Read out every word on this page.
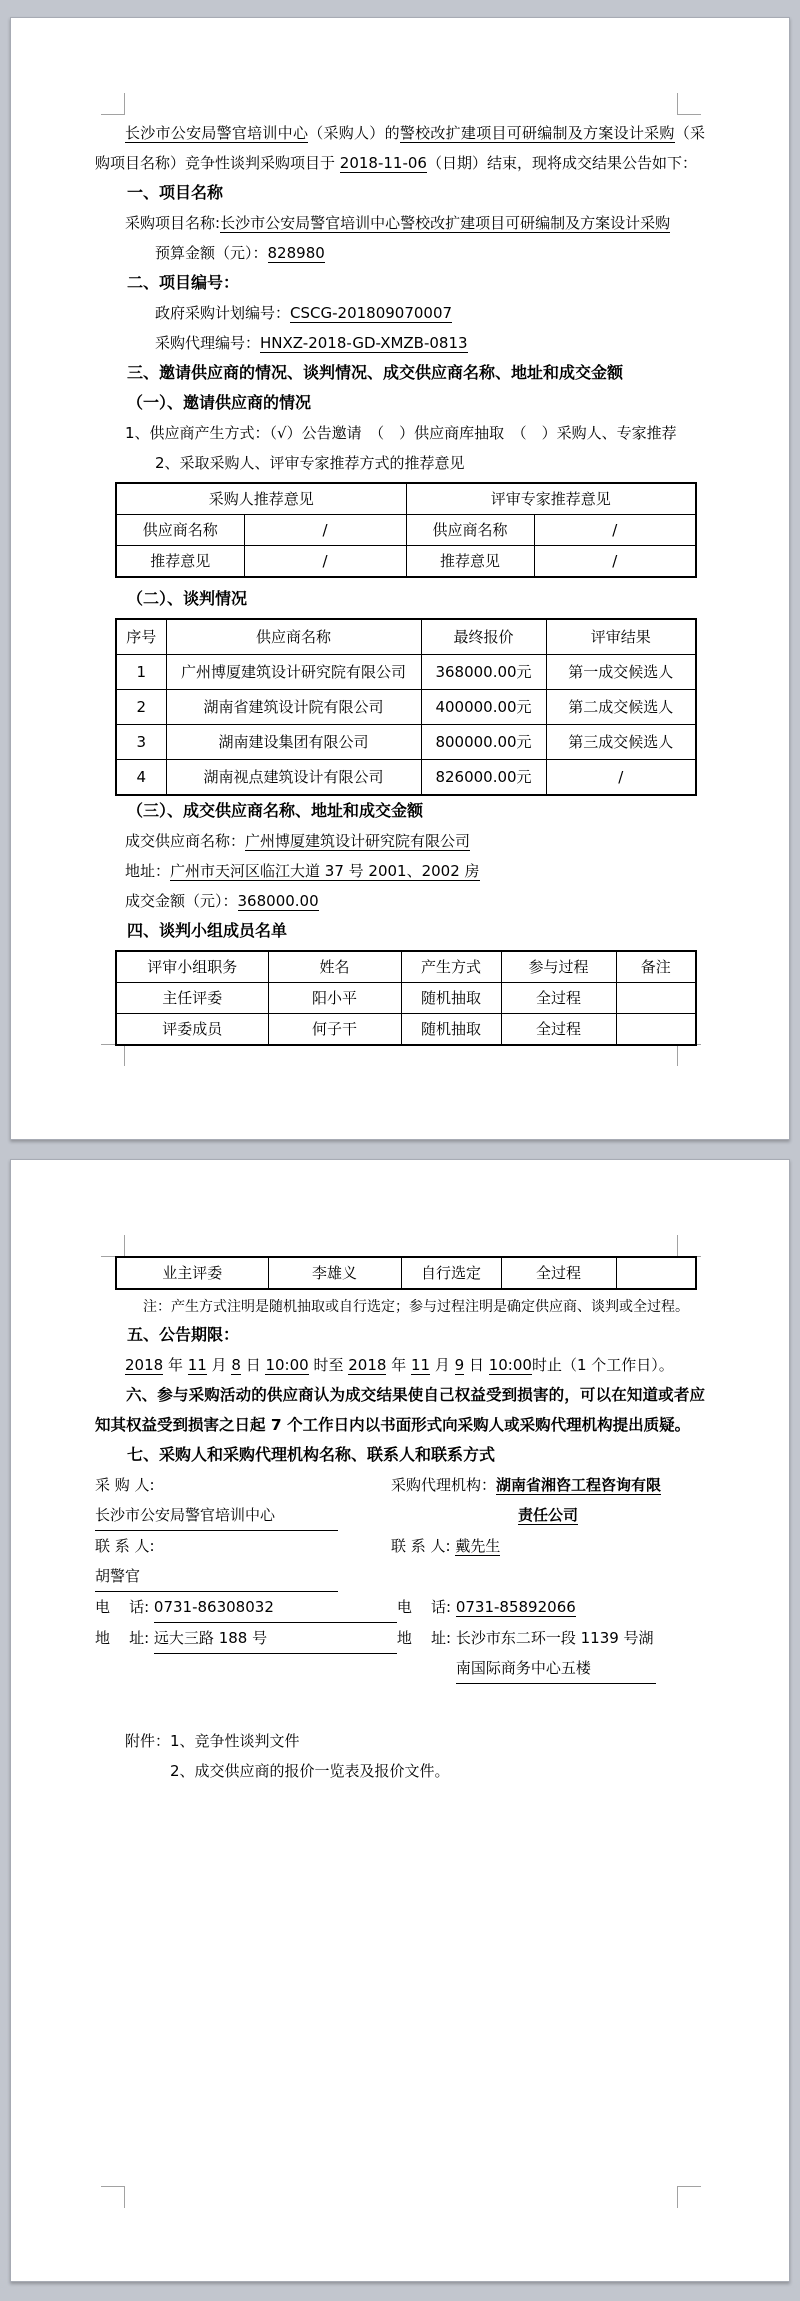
长沙市公安局警官培训中心（采购人）的警校改扩建项目可研编制及方案设计采购（采购项目名称）竞争性谈判采购项目于 2018-11-06（日期）结束，现将成交结果公告如下：

一、项目名称

采购项目名称:长沙市公安局警官培训中心警校改扩建项目可研编制及方案设计采购

预算金额（元）：828980

二、项目编号：

政府采购计划编号：CSCG-201809070007

采购代理编号：HNXZ-2018-GD-XMZB-0813

三、邀请供应商的情况、谈判情况、成交供应商名称、地址和成交金额

（一）、邀请供应商的情况

1、供应商产生方式：（√）公告邀请　（　）供应商库抽取　（　）采购人、专家推荐

2、采取采购人、评审专家推荐方式的推荐意见

采购人推荐意见		评审专家推荐意见	
供应商名称	/	供应商名称	/
推荐意见	/	推荐意见	/

（二）、谈判情况

序号	供应商名称	最终报价	评审结果
1	广州博厦建筑设计研究院有限公司	368000.00元	第一成交候选人
2	湖南省建筑设计院有限公司	400000.00元	第二成交候选人
3	湖南建设集团有限公司	800000.00元	第三成交候选人
4	湖南视点建筑设计有限公司	826000.00元	/

（三）、成交供应商名称、地址和成交金额

成交供应商名称：广州博厦建筑设计研究院有限公司

地址：广州市天河区临江大道 37 号 2001、2002 房

成交金额（元）：368000.00

四、谈判小组成员名单

评审小组职务	姓名	产生方式	参与过程	备注
主任评委	阳小平	随机抽取	全过程	
评委成员	何子干	随机抽取	全过程	
业主评委	李雄义	自行选定	全过程	

注：产生方式注明是随机抽取或自行选定；参与过程注明是确定供应商、谈判或全过程。

五、公告期限：

2018 年 11 月 8 日 10:00 时至 2018 年 11 月 9 日 10:00时止（1 个工作日）。

六、参与采购活动的供应商认为成交结果使自己权益受到损害的，可以在知道或者应知其权益受到损害之日起 7 个工作日内以书面形式向采购人或采购代理机构提出质疑。

七、采购人和采购代理机构名称、联系人和联系方式

采 购 人: 长沙市公安局警官培训中心
采购代理机构：湖南省湘咨工程咨询有限
责任公司
联 系 人: 胡警官
联 系 人: 戴先生
电    话: 0731-86308032	电    话: 0731-85892066
地    址: 远大三路 188 号	地    址:
长沙市东二环一段 1139 号湖南国际商务中心五楼

附件：1、竞争性谈判文件

2、成交供应商的报价一览表及报价文件。
